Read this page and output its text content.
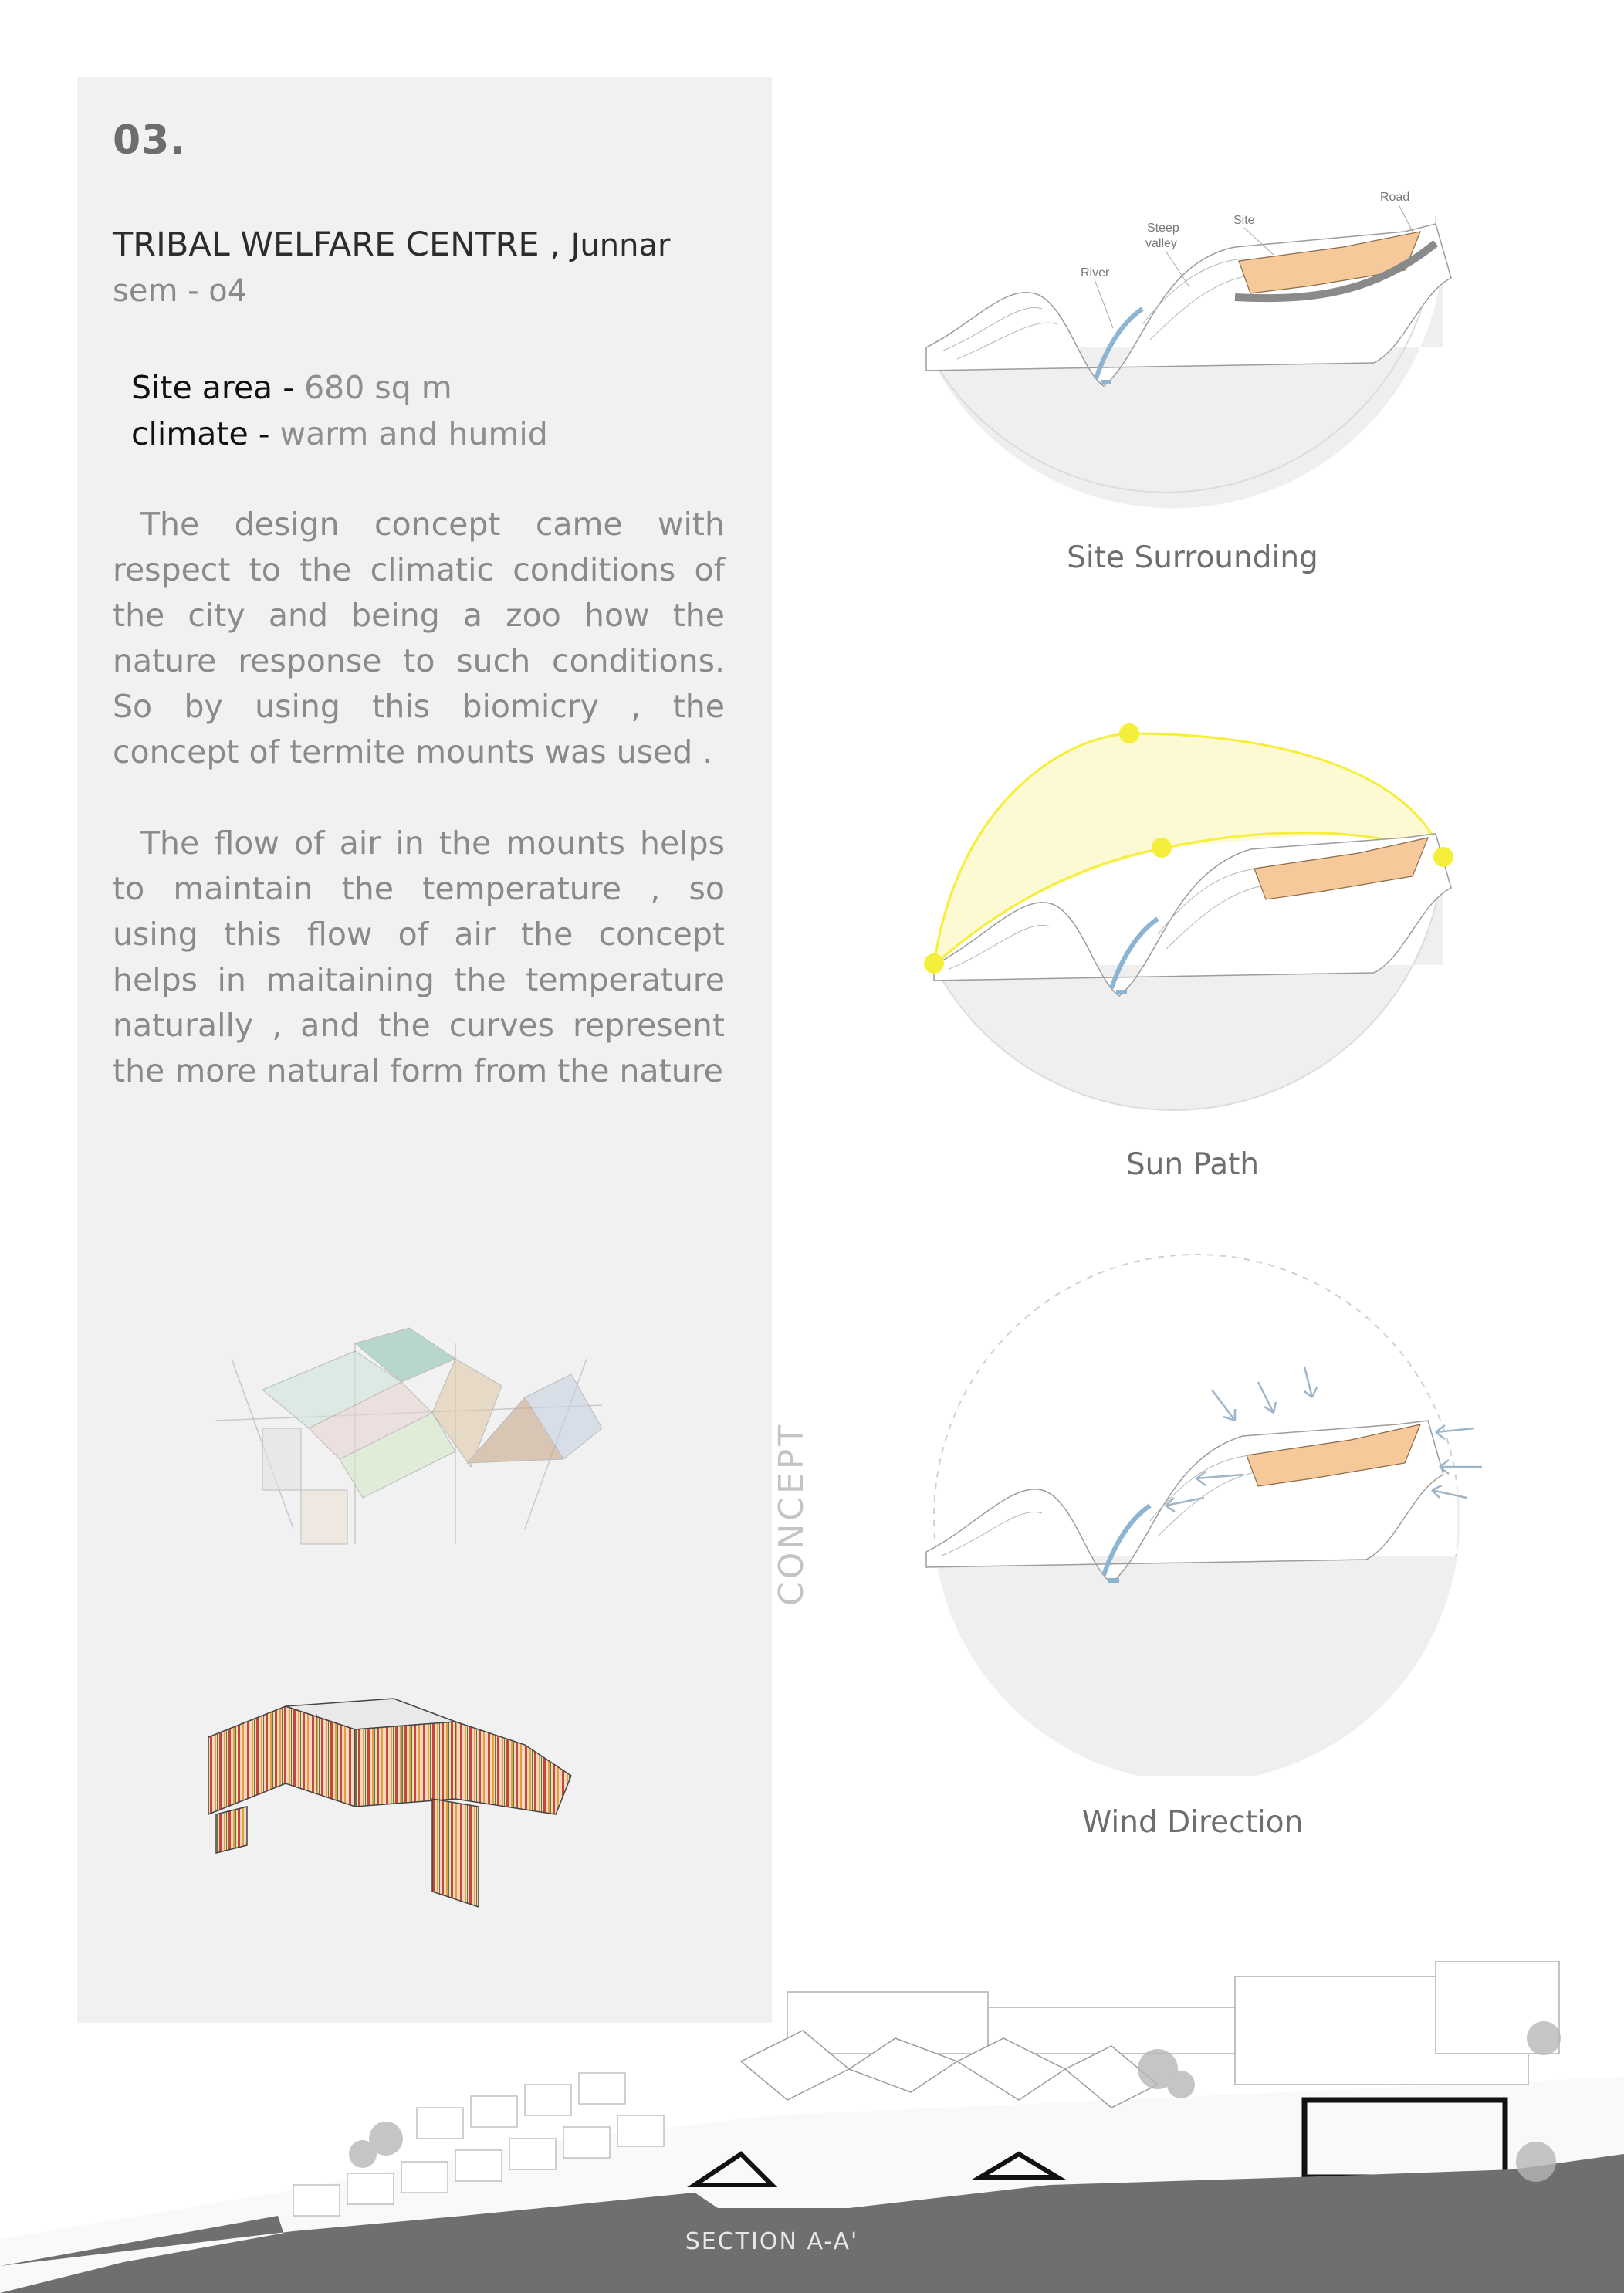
03.
TRIBAL WELFARE CENTRE , Junnar
sem - o4
Site area - 680 sq m
climate - warm and humid

The design concept came with respect to the climatic conditions of the city and being a zoo how the nature response to such conditions. So by using this biomicry , the concept of termite mounts was used .

The flow of air in the mounts helps to maintain the temperature , so using this flow of air the concept helps in maitaining the temperature naturally , and the curves represent the more natural form from the nature

CONCEPT
River
Steep
valley
Site
Road
Site Surrounding
Sun Path
Wind Direction
SECTION A-A'
